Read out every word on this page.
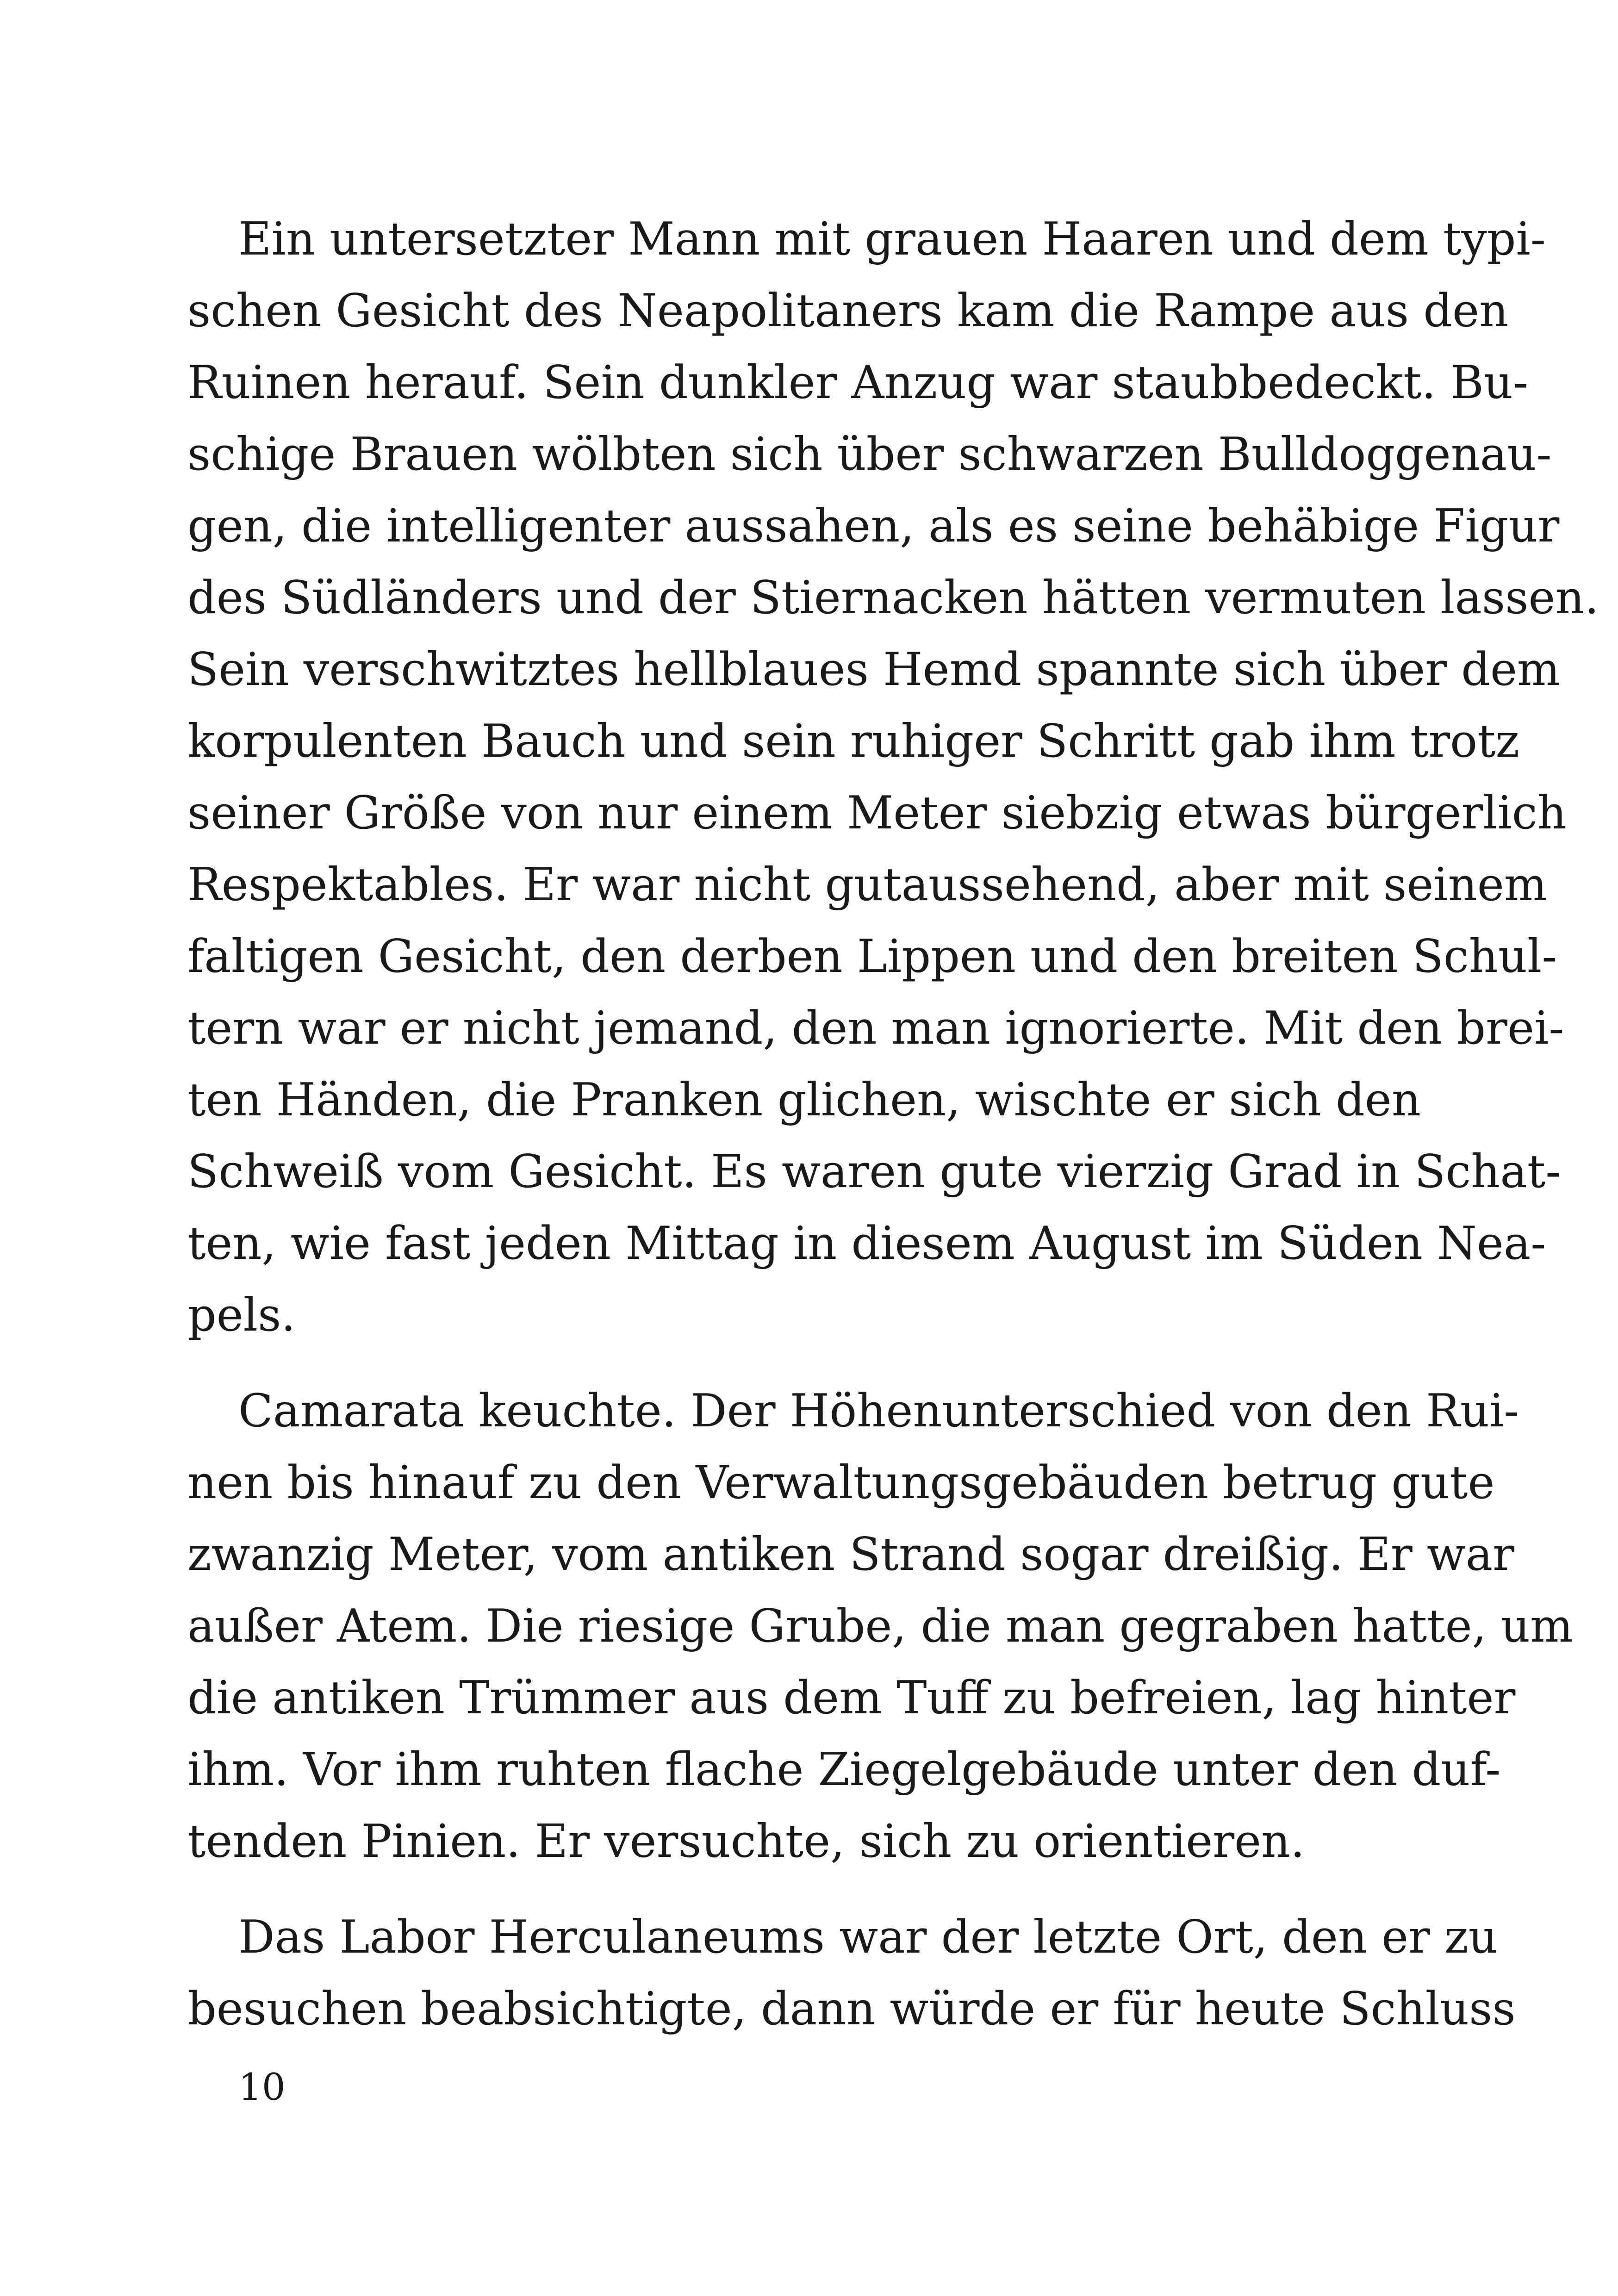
Ein untersetzter Mann mit grauen Haaren und dem typi-
schen Gesicht des Neapolitaners kam die Rampe aus den
Ruinen herauf. Sein dunkler Anzug war staubbedeckt. Bu-
schige Brauen wölbten sich über schwarzen Bulldoggenau-
gen, die intelligenter aussahen, als es seine behäbige Figur
des Südländers und der Stiernacken hätten vermuten lassen.
Sein verschwitztes hellblaues Hemd spannte sich über dem
korpulenten Bauch und sein ruhiger Schritt gab ihm trotz
seiner Größe von nur einem Meter siebzig etwas bürgerlich
Respektables. Er war nicht gutaussehend, aber mit seinem
faltigen Gesicht, den derben Lippen und den breiten Schul-
tern war er nicht jemand, den man ignorierte. Mit den brei-
ten Händen, die Pranken glichen, wischte er sich den
Schweiß vom Gesicht. Es waren gute vierzig Grad in Schat-
ten, wie fast jeden Mittag in diesem August im Süden Nea-
pels.
Camarata keuchte. Der Höhenunterschied von den Rui-
nen bis hinauf zu den Verwaltungsgebäuden betrug gute
zwanzig Meter, vom antiken Strand sogar dreißig. Er war
außer Atem. Die riesige Grube, die man gegraben hatte, um
die antiken Trümmer aus dem Tuff zu befreien, lag hinter
ihm. Vor ihm ruhten flache Ziegelgebäude unter den duf-
tenden Pinien. Er versuchte, sich zu orientieren.
Das Labor Herculaneums war der letzte Ort, den er zu
besuchen beabsichtigte, dann würde er für heute Schluss
10
